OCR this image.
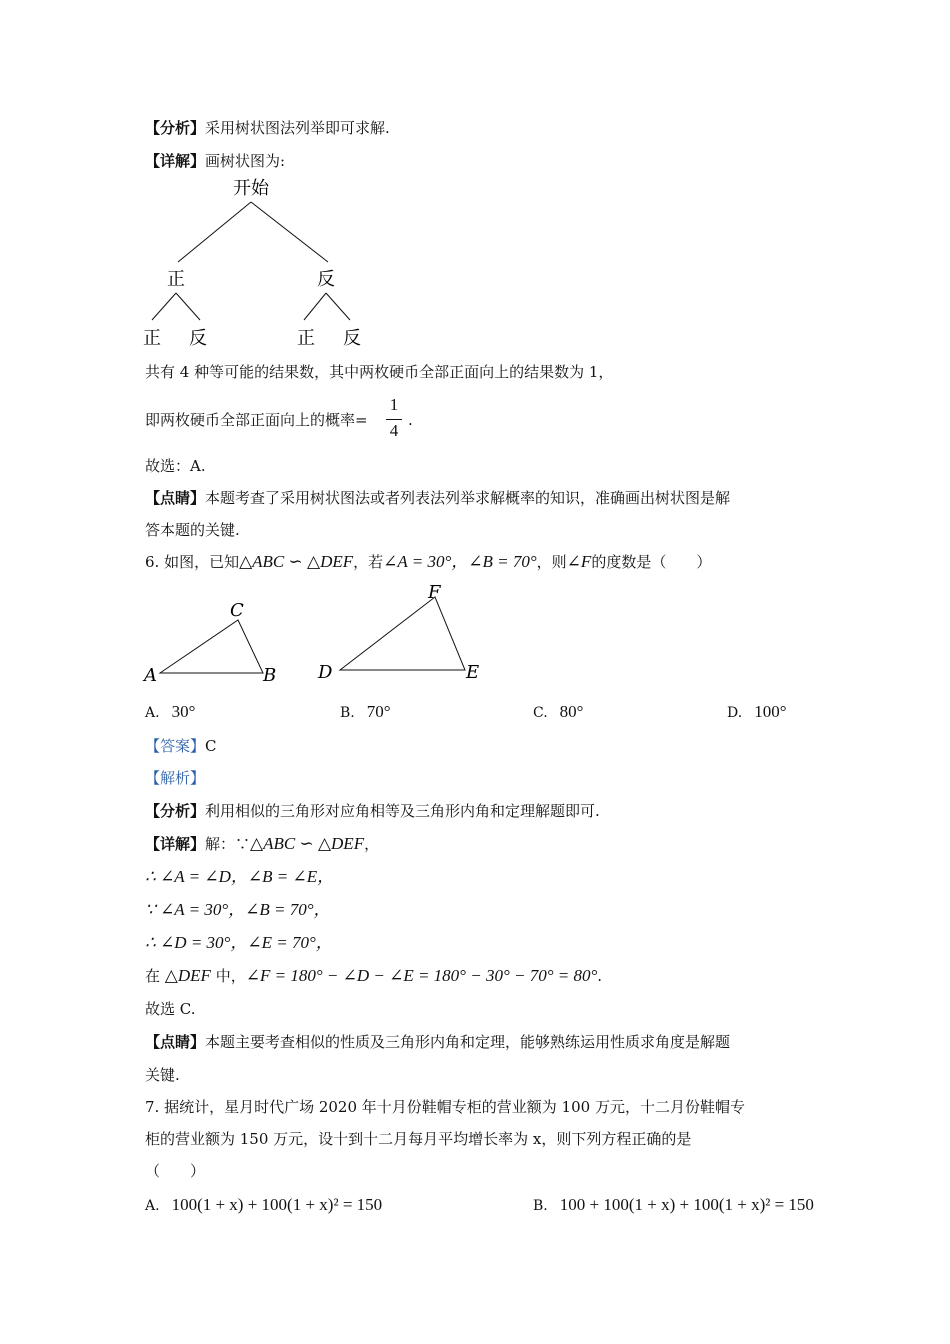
【分析】采用树状图法列举即可求解.
【详解】画树状图为:
开始
正	反
正 反	正 反
共有 4 种等可能的结果数，其中两枚硬币全部正面向上的结果数为 1，
即两枚硬币全部正面向上的概率=
1
4
.
故选：A.
【点睛】本题考查了采用树状图法或者列表法列举求解概率的知识，准确画出树状图是解
答本题的关键.
6. 如图，已知△ABC ∽ △DEF，若∠A = 30°，∠B = 70°，则∠F的度数是（　　）
A	B
C
D	E
F
A. 30°	B. 70°	C. 80°	D. 100°
【答案】C
【解析】
【分析】利用相似的三角形对应角相等及三角形内角和定理解题即可.
【详解】解：∵△ABC ∽ △DEF，
∴ ∠A = ∠D，∠B = ∠E，
∵ ∠A = 30°，∠B = 70°，
∴ ∠D = 30°，∠E = 70°，
在 △DEF 中，∠F = 180° − ∠D − ∠E = 180° − 30° − 70° = 80°.
故选 C.
【点睛】本题主要考查相似的性质及三角形内角和定理，能够熟练运用性质求角度是解题
关键.
7. 据统计，星月时代广场 2020 年十月份鞋帽专柜的营业额为 100 万元，十二月份鞋帽专
柜的营业额为 150 万元，设十到十二月每月平均增长率为 x，则下列方程正确的是
（　　）
A. 100(1 + x) + 100(1 + x)² = 150	B. 100 + 100(1 + x) + 100(1 + x)² = 150
